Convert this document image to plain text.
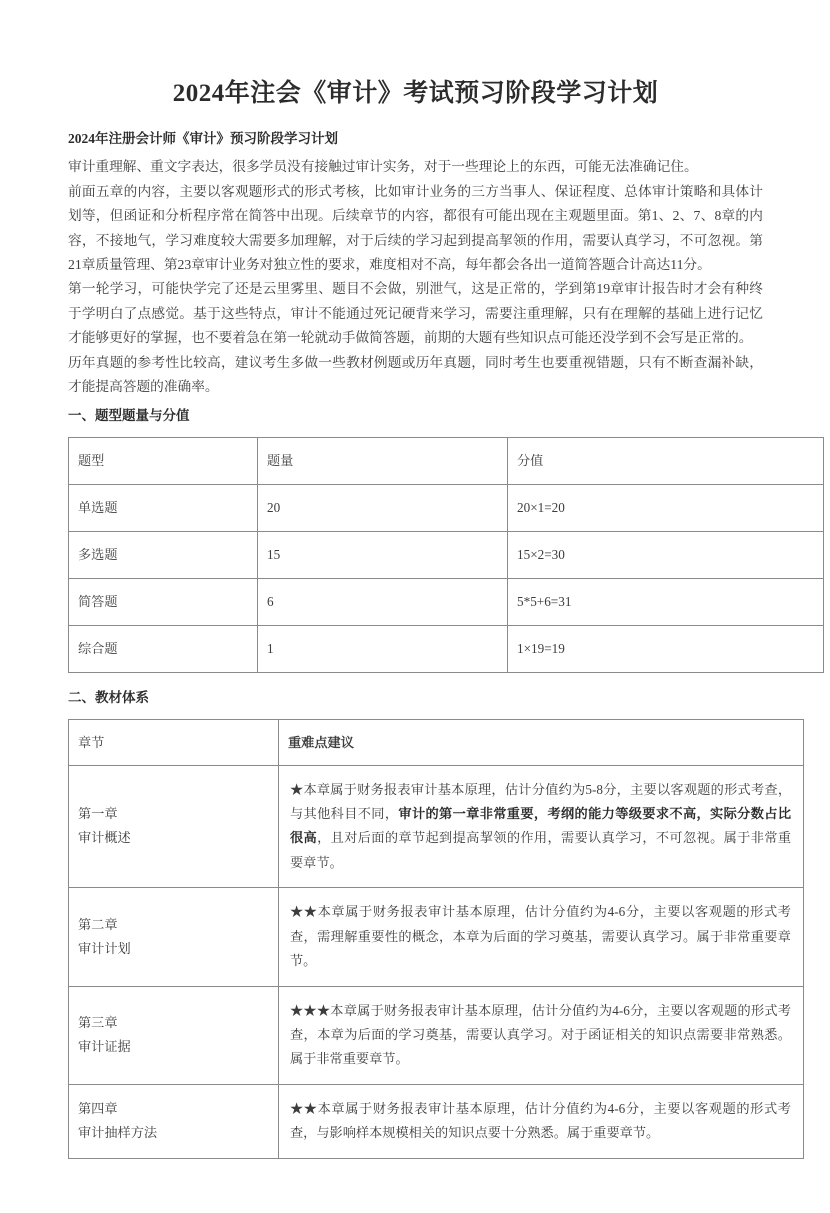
2024年注会《审计》考试预习阶段学习计划

2024年注册会计师《审计》预习阶段学习计划

审计重理解、重文字表达，很多学员没有接触过审计实务，对于一些理论上的东西，可能无法准确记住。

前面五章的内容，主要以客观题形式的形式考核，比如审计业务的三方当事人、保证程度、总体审计策略和具体计划等，但函证和分析程序常在简答中出现。后续章节的内容，都很有可能出现在主观题里面。第1、2、7、8章的内容，不接地气，学习难度较大需要多加理解，对于后续的学习起到提高挈领的作用，需要认真学习，不可忽视。第21章质量管理、第23章审计业务对独立性的要求，难度相对不高，每年都会各出一道简答题合计高达11分。

第一轮学习，可能快学完了还是云里雾里、题目不会做，别泄气，这是正常的，学到第19章审计报告时才会有种终于学明白了点感觉。基于这些特点，审计不能通过死记硬背来学习，需要注重理解，只有在理解的基础上进行记忆才能够更好的掌握，也不要着急在第一轮就动手做简答题，前期的大题有些知识点可能还没学到不会写是正常的。

历年真题的参考性比较高，建议考生多做一些教材例题或历年真题，同时考生也要重视错题，只有不断查漏补缺，才能提高答题的准确率。

一、题型题量与分值
题型	题量	分值
单选题	20	20×1=20
多选题	15	15×2=30
简答题	6	5*5+6=31
综合题	1	1×19=19
二、教材体系
章节	重难点建议
第一章
审计概述	★本章属于财务报表审计基本原理，估计分值约为5-8分，主要以客观题的形式考查，与其他科目不同，审计的第一章非常重要，考纲的能力等级要求不高，实际分数占比很高，且对后面的章节起到提高挈领的作用，需要认真学习，不可忽视。属于非常重要章节。
第二章
审计计划	★★本章属于财务报表审计基本原理，估计分值约为4-6分，主要以客观题的形式考查，需理解重要性的概念，本章为后面的学习奠基，需要认真学习。属于非常重要章节。
第三章
审计证据	★★★本章属于财务报表审计基本原理，估计分值约为4-6分，主要以客观题的形式考查，本章为后面的学习奠基，需要认真学习。对于函证相关的知识点需要非常熟悉。属于非常重要章节。
第四章
审计抽样方法	★★本章属于财务报表审计基本原理，估计分值约为4-6分，主要以客观题的形式考查，与影响样本规模相关的知识点要十分熟悉。属于重要章节。
